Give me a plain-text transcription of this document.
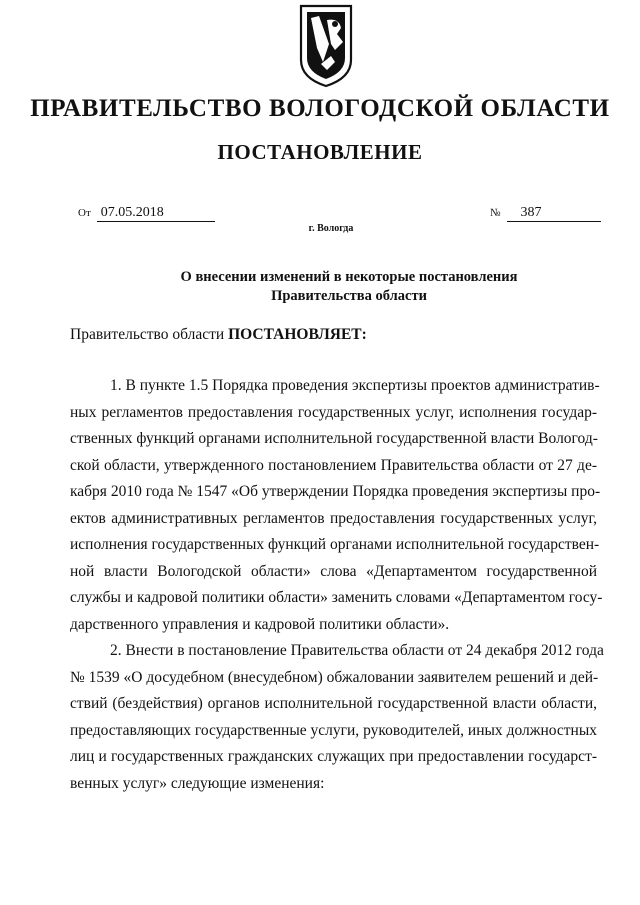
ПРАВИТЕЛЬСТВО ВОЛОГОДСКОЙ ОБЛАСТИ
ПОСТАНОВЛЕНИЕ
От 07.05.2018	№ 387
г. Вологда
О внесении изменений в некоторые постановления
Правительства области
Правительство области ПОСТАНОВЛЯЕТ:
1. В пункте 1.5 Порядка проведения экспертизы проектов административ-
ных регламентов предоставления государственных услуг, исполнения государ-
ственных функций органами исполнительной государственной власти Вологод-
ской области, утвержденного постановлением Правительства области от 27 де-
кабря 2010 года № 1547 «Об утверждении Порядка проведения экспертизы про-
ектов административных регламентов предоставления государственных услуг,
исполнения государственных функций органами исполнительной государствен-
ной власти Вологодской области» слова «Департаментом государственной
службы и кадровой политики области» заменить словами «Департаментом госу-
дарственного управления и кадровой политики области».
2. Внести в постановление Правительства области от 24 декабря 2012 года
№ 1539 «О досудебном (внесудебном) обжаловании заявителем решений и дей-
ствий (бездействия) органов исполнительной государственной власти области,
предоставляющих государственные услуги, руководителей, иных должностных
лиц и государственных гражданских служащих при предоставлении государст-
венных услуг» следующие изменения:
